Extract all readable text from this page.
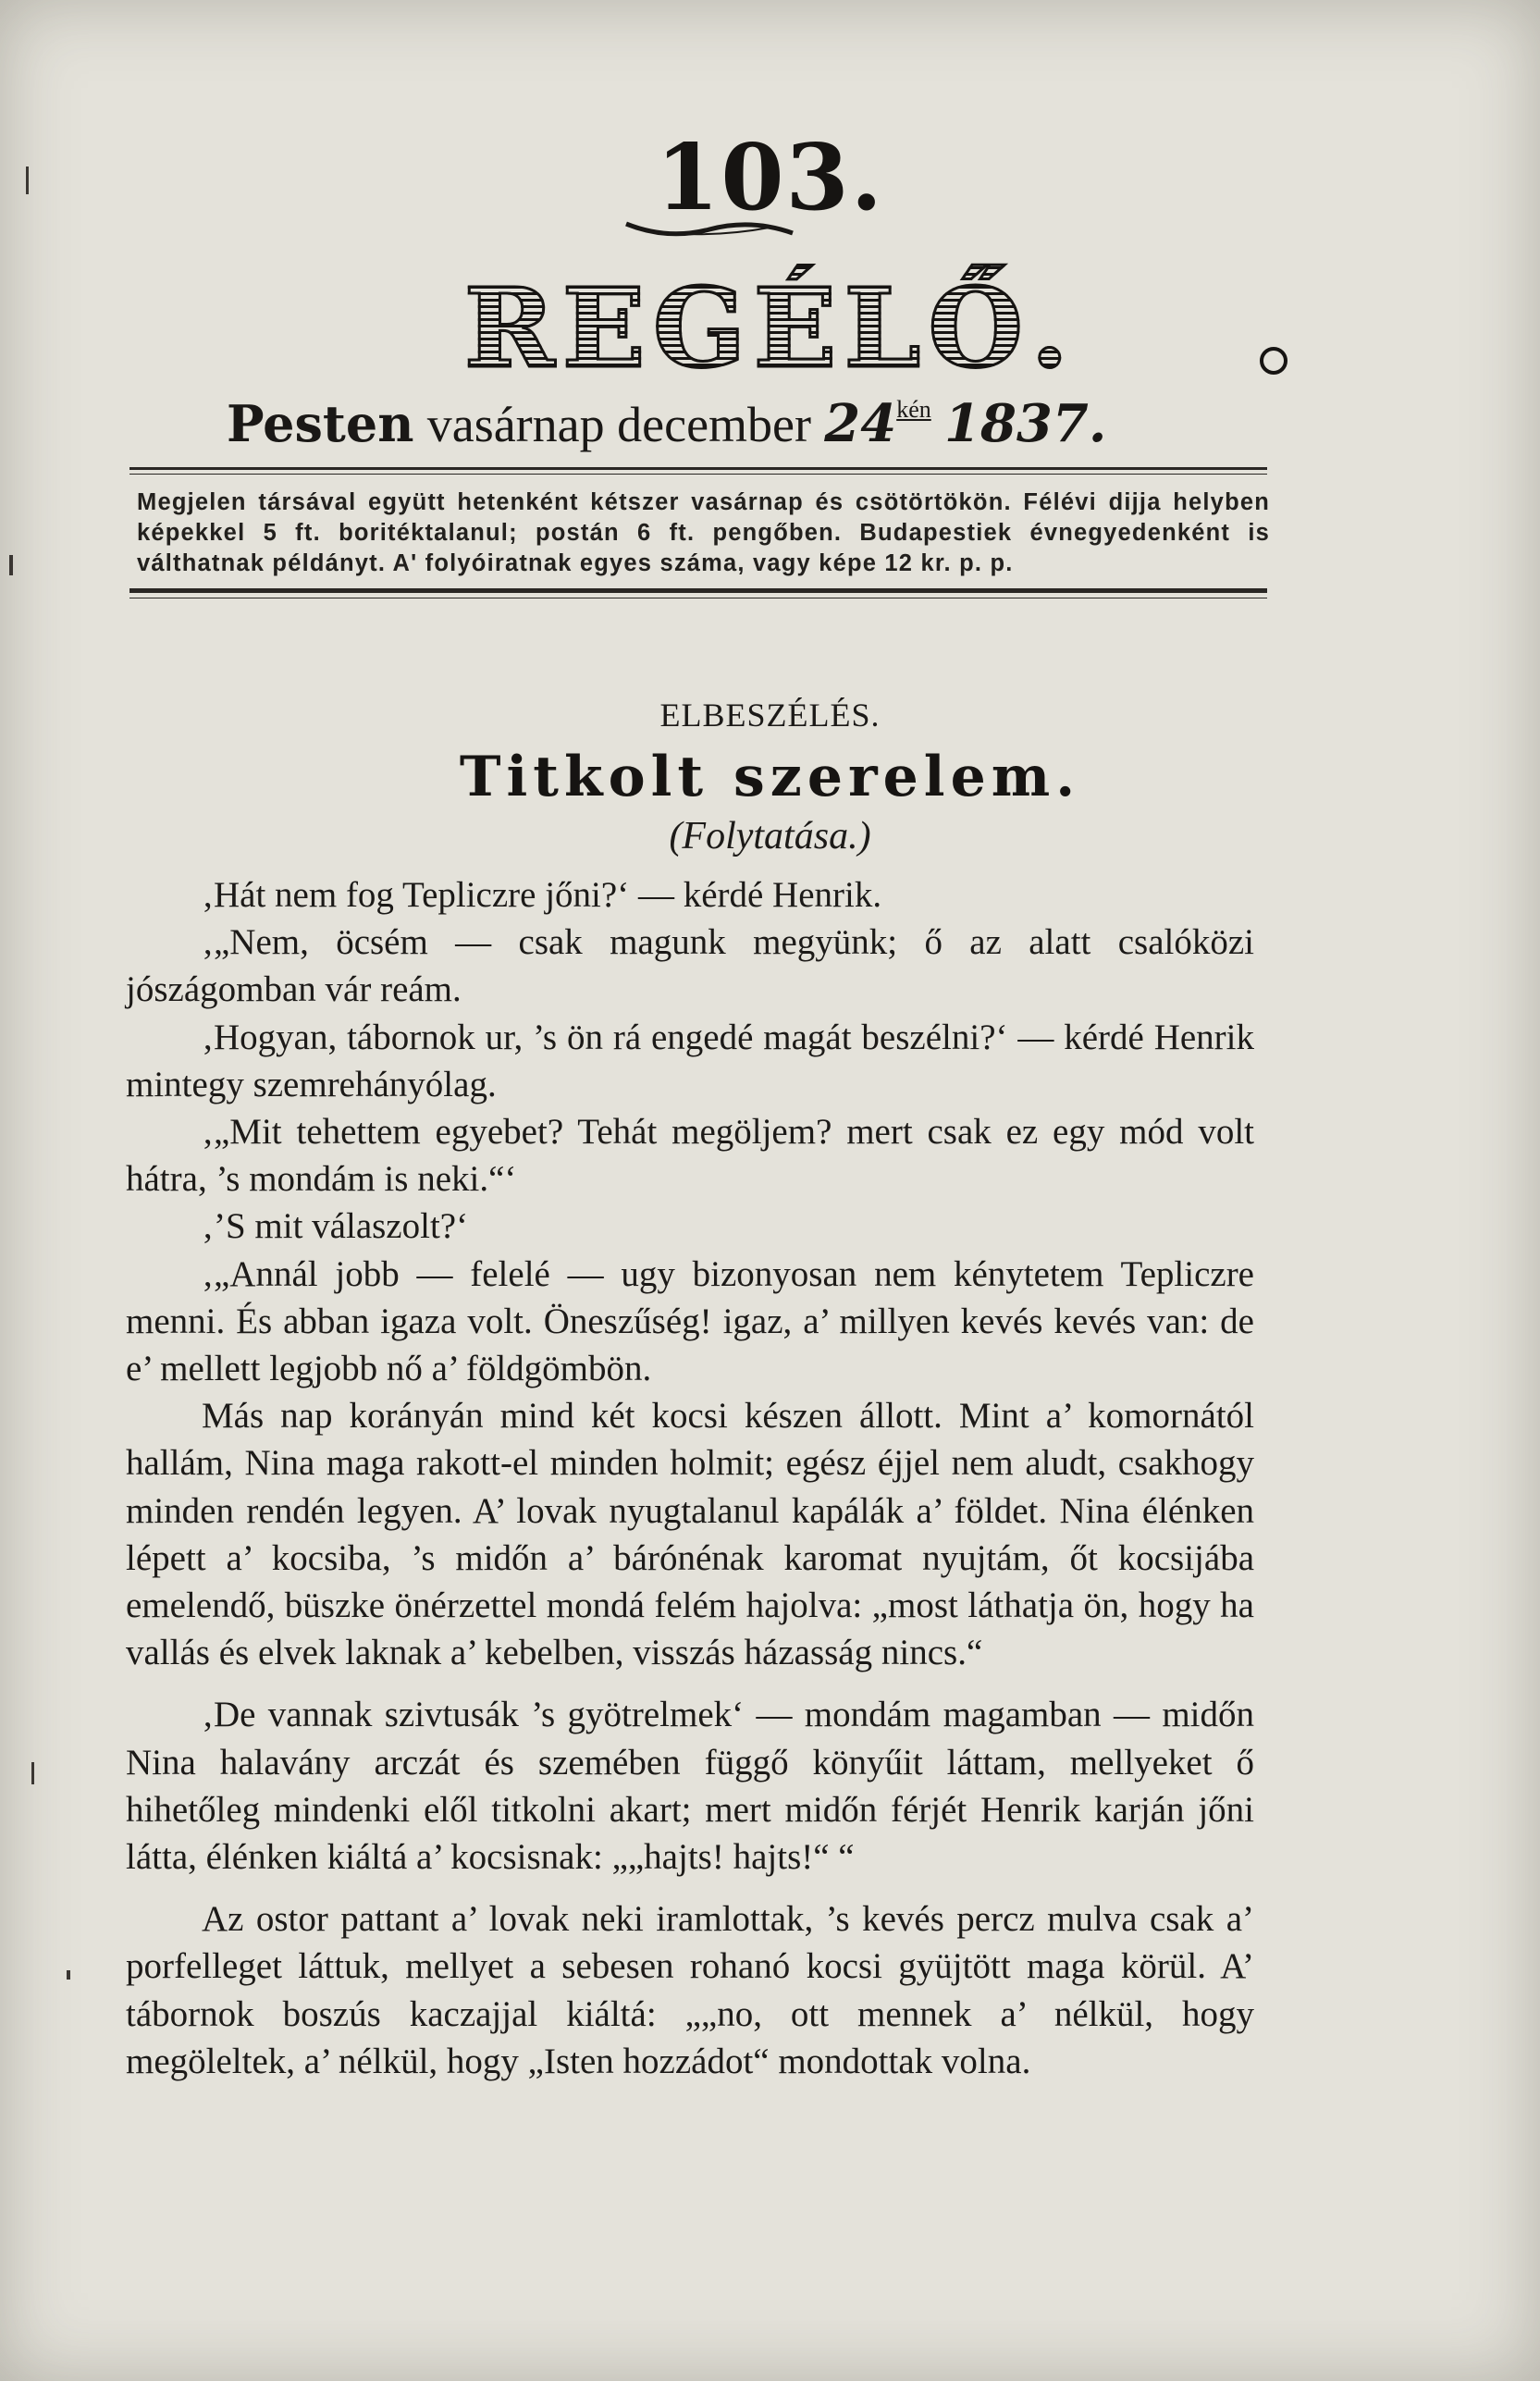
103.
REGÉLŐ.
Pesten vasárnap december $24^{kén}$ 1837.
Megjelen társával együtt hetenként kétszer vasárnap és csötörtökön. Félévi dijja helyben képekkel 5 ft. boritéktalanul; postán 6 ft. pengőben. Budapestiek évnegyedenként is válthatnak példányt. A' folyóiratnak egyes száma, vagy képe 12 kr. p. p.
ELBESZÉLÉS.
Titkolt szerelem.
(Folytatása.)

‚Hát nem fog Tepliczre jőni?‘ — kérdé Henrik.

‚„Nem, öcsém — csak magunk megyünk; ő az alatt csalóközi jószágomban vár reám.

‚Hogyan, tábornok ur, ’s ön rá engedé magát beszélni?‘ — kérdé Henrik mintegy szemrehányólag.

‚„Mit tehettem egyebet? Tehát megöljem? mert csak ez egy mód volt hátra, ’s mondám is neki.“‘

‚’S mit válaszolt?‘

‚„Annál jobb — felelé — ugy bizonyosan nem kénytetem Tepliczre menni. És abban igaza volt. Öneszűség! igaz, a’ millyen kevés kevés van: de e’ mellett legjobb nő a’ földgömbön.

Más nap korányán mind két kocsi készen állott. Mint a’ komornától hallám, Nina maga rakott-el minden holmit; egész éjjel nem aludt, csakhogy minden rendén legyen. A’ lovak nyugtalanul kapálák a’ földet. Nina élénken lépett a’ kocsiba, ’s midőn a’ bárónénak karomat nyujtám, őt kocsijába emelendő, büszke önérzettel mondá felém hajolva: „most láthatja ön, hogy ha vallás és elvek laknak a’ kebelben, visszás házasság nincs.“

‚De vannak szivtusák ’s gyötrelmek‘ — mondám magamban — midőn Nina halavány arczát és szemében függő könyűit láttam, mellyeket ő hihetőleg mindenki elől titkolni akart; mert midőn férjét Henrik karján jőni látta, élénken kiáltá a’ kocsisnak: „„hajts! hajts!“ “

Az ostor pattant a’ lovak neki iramlottak, ’s kevés percz mulva csak a’ porfelleget láttuk, mellyet a sebesen rohanó kocsi gyüjtött maga körül. A’ tábornok boszús kaczajjal kiáltá: „„no, ott mennek a’ nélkül, hogy megöleltek, a’ nélkül, hogy „Isten hozzádot“ mondottak volna.
